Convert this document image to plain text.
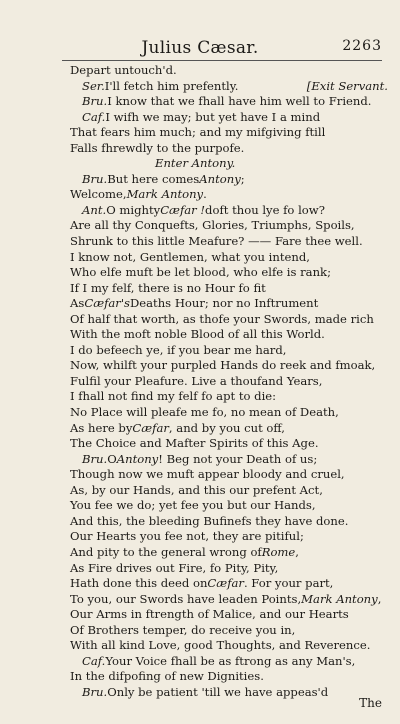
Julius Cæsar.	2263
Depart untouch'd.
Ser. I'll fetch him prefently.	[Exit Servant.
Bru. I know that we fhall have him well to Friend.
Caf. I wifh we may; but yet have I a mind
That fears him much; and my mifgiving ftill
Falls fhrewdly to the purpofe.
Enter Antony.
Bru. But here comes Antony ;
Welcome, Mark Antony .
Ant. O mighty Cæfar ! doft thou lye fo low?
Are all thy Conquefts, Glories, Triumphs, Spoils,
Shrunk to this little Meafure? —— Fare thee well.
I know not, Gentlemen, what you intend,
Who elfe muft be let blood, who elfe is rank;
If I my felf, there is no Hour fo fit
As Cæfar's Deaths Hour; nor no Inftrument
Of half that worth, as thofe your Swords, made rich
With the moft noble Blood of all this World.
I do befeech ye, if you bear me hard,
Now, whilft your purpled Hands do reek and fmoak,
Fulfil your Pleafure. Live a thoufand Years,
I fhall not find my felf fo apt to die:
No Place will pleafe me fo, no mean of Death,
As here by Cæfar , and by you cut off,
The Choice and Mafter Spirits of this Age.
Bru. O Antony ! Beg not your Death of us;
Though now we muft appear bloody and cruel,
As, by our Hands, and this our prefent Act,
You fee we do; yet fee you but our Hands,
And this, the bleeding Bufinefs they have done.
Our Hearts you fee not, they are pitiful;
And pity to the general wrong of Rome ,
As Fire drives out Fire, fo Pity, Pity,
Hath done this deed on Cæfar . For your part,
To you, our Swords have leaden Points, Mark Antony ,
Our Arms in ftrength of Malice, and our Hearts
Of Brothers temper, do receive you in,
With all kind Love, good Thoughts, and Reverence.
Caf. Your Voice fhall be as ftrong as any Man's,
In the difpofing of new Dignities.
Bru. Only be patient 'till we have appeas'd
The
